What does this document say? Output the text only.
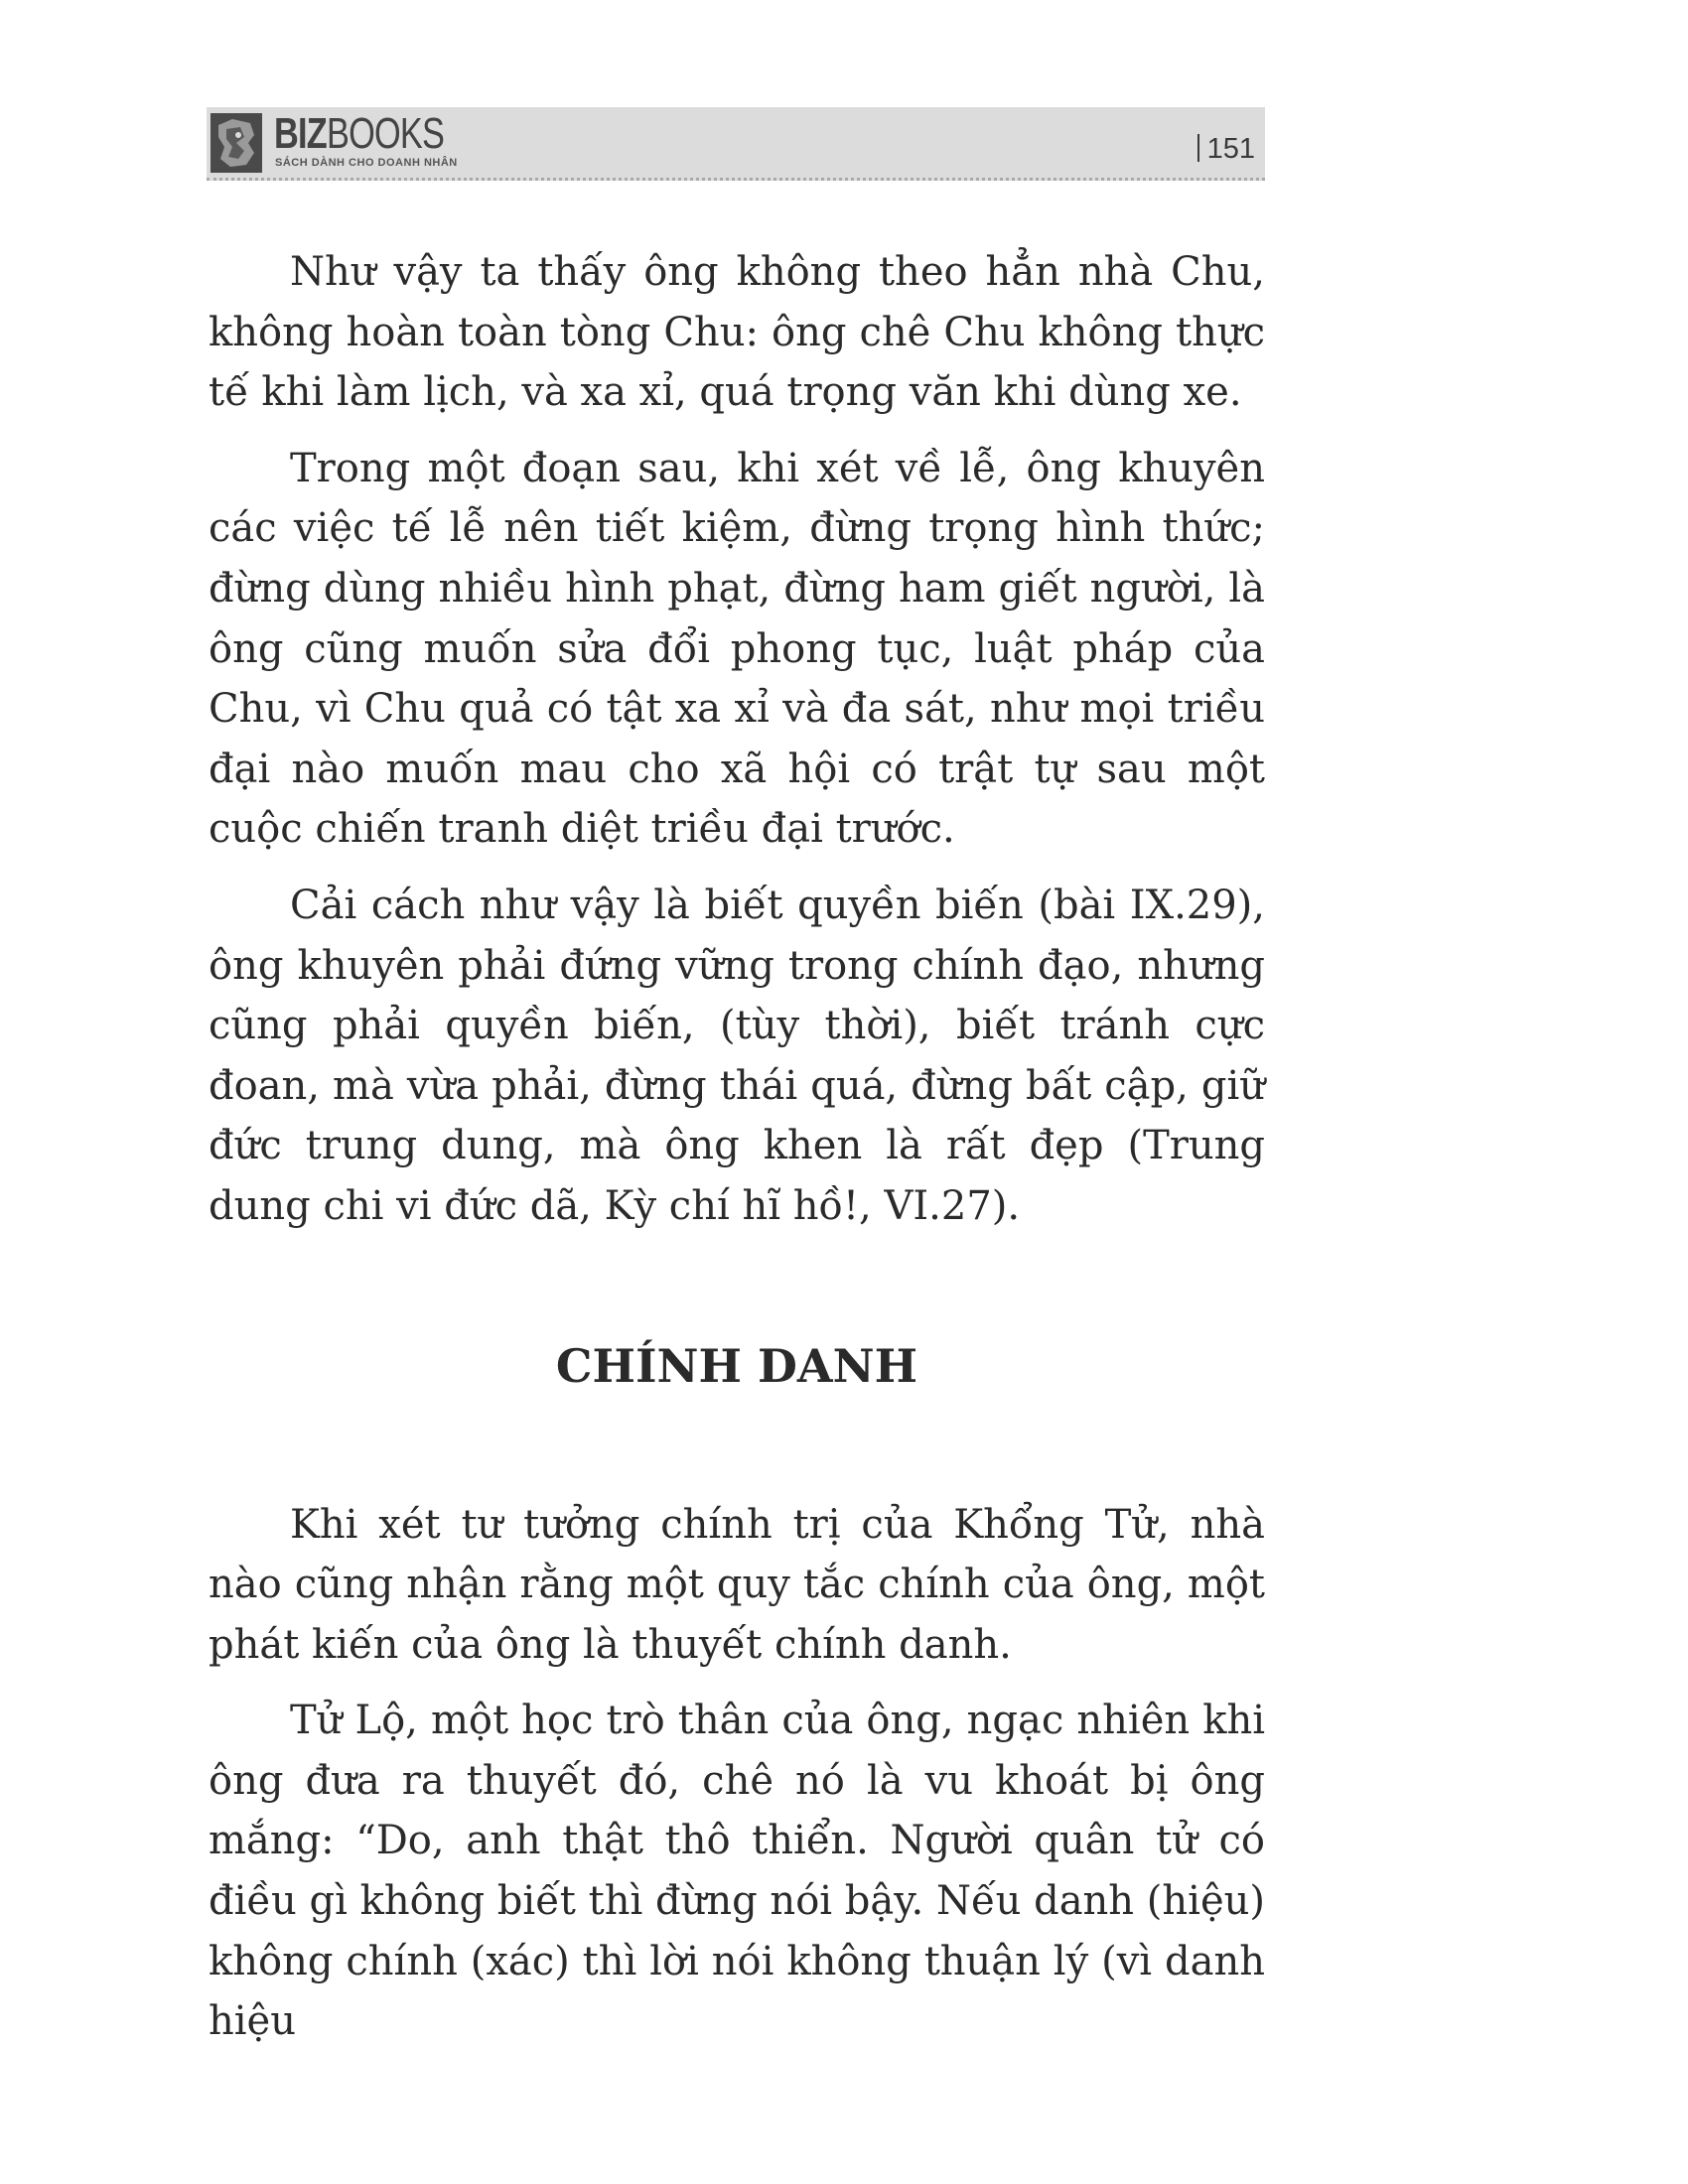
BIZBOOKS
SÁCH DÀNH CHO DOANH NHÂN	151

Như vậy ta thấy ông không theo hẳn nhà Chu, không hoàn toàn tòng Chu: ông chê Chu không thực tế khi làm lịch, và xa xỉ, quá trọng văn khi dùng xe.

Trong một đoạn sau, khi xét về lễ, ông khuyên các việc tế lễ nên tiết kiệm, đừng trọng hình thức; đừng dùng nhiều hình phạt, đừng ham giết người, là ông cũng muốn sửa đổi phong tục, luật pháp của Chu, vì Chu quả có tật xa xỉ và đa sát, như mọi triều đại nào muốn mau cho xã hội có trật tự sau một cuộc chiến tranh diệt triều đại trước.

Cải cách như vậy là biết quyền biến (bài IX.29), ông khuyên phải đứng vững trong chính đạo, nhưng cũng phải quyền biến, (tùy thời), biết tránh cực đoan, mà vừa phải, đừng thái quá, đừng bất cập, giữ đức trung dung, mà ông khen là rất đẹp (Trung dung chi vi đức dã, Kỳ chí hĩ hồ!, VI.27).

CHÍNH DANH

Khi xét tư tưởng chính trị của Khổng Tử, nhà nào cũng nhận rằng một quy tắc chính của ông, một phát kiến của ông là thuyết chính danh.

Tử Lộ, một học trò thân của ông, ngạc nhiên khi ông đưa ra thuyết đó, chê nó là vu khoát bị ông mắng: “Do, anh thật thô thiển. Người quân tử có điều gì không biết thì đừng nói bậy. Nếu danh (hiệu) không chính (xác) thì lời nói không thuận lý (vì danh hiệu
